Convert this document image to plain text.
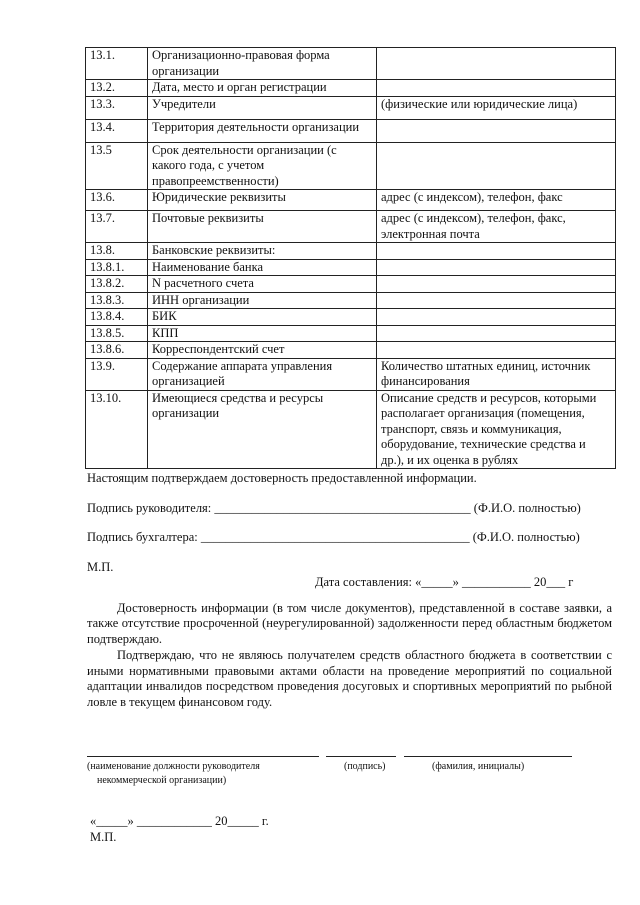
13.1.	Организационно-правовая форма организации	
13.2.	Дата, место и орган регистрации	
13.3.	Учредители	(физические или юридические лица)
13.4.	Территория деятельности организации	
13.5	Срок деятельности организации (с какого года, с учетом правопреемственности)	
13.6.	Юридические реквизиты	адрес (с индексом), телефон, факс
13.7.	Почтовые реквизиты	адрес (с индексом), телефон, факс, электронная почта
13.8.	Банковские реквизиты:	
13.8.1.	Наименование банка	
13.8.2.	N расчетного счета	
13.8.3.	ИНН организации	
13.8.4.	БИК	
13.8.5.	КПП	
13.8.6.	Корреспондентский счет	
13.9.	Содержание аппарата управления организацией	Количество штатных единиц, источник финансирования
13.10.	Имеющиеся средства и ресурсы организации	Описание средств и ресурсов, которыми располагает организация (помещения, транспорт, связь и коммуникация, оборудование, технические средства и др.), и их оценка в рублях
Настоящим подтверждаем достоверность предоставленной информации.
Подпись руководителя: _________________________________________ (Ф.И.О. полностью)
Подпись бухгалтера: ___________________________________________ (Ф.И.О. полностью)
М.П.
Дата составления: «_____» ___________ 20___ г
Достоверность информации (в том числе документов), представленной в составе заявки, а также отсутствие просроченной (неурегулированной) задолженности перед областным бюджетом подтверждаю.
Подтверждаю, что не являюсь получателем средств областного бюджета в соответствии с иными нормативными правовыми актами области на проведение мероприятий по социальной адаптации инвалидов посредством проведения досуговых и спортивных мероприятий по рыбной ловле в текущем финансовом году.
(наименование должности руководителя
некоммерческой организации)
(подпись)	(фамилия, инициалы)
«_____» ____________ 20_____ г.
М.П.
